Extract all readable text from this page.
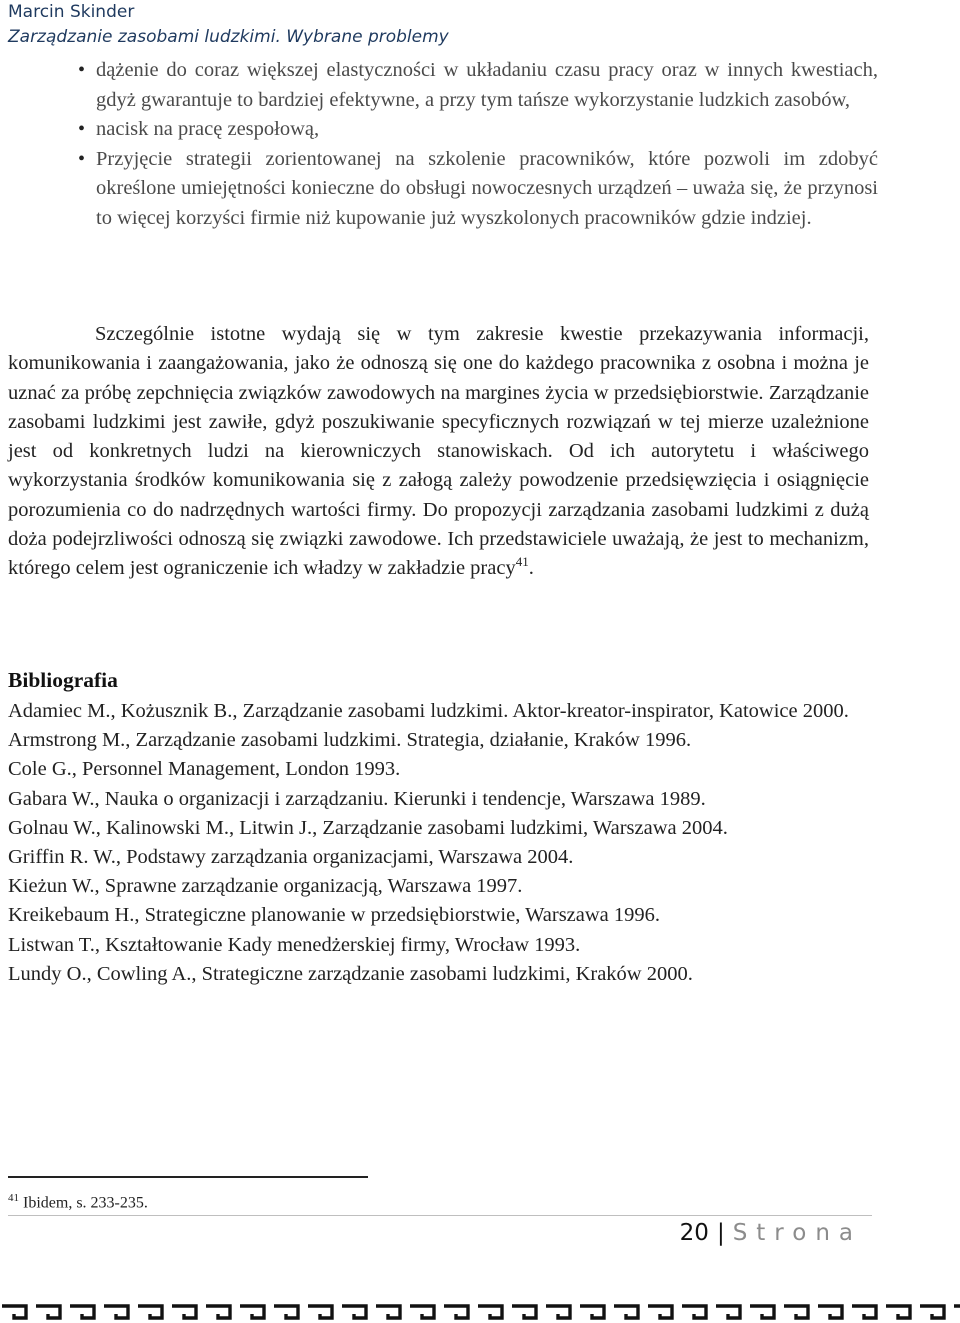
Marcin Skinder
Zarządzanie zasobami ludzkimi. Wybrane problemy
• dążenie do coraz większej elastyczności w układaniu czasu pracy oraz w innych kwestiach, gdyż gwarantuje to bardziej efektywne, a przy tym tańsze wykorzystanie ludzkich zasobów,
• nacisk na pracę zespołową,
• Przyjęcie strategii zorientowanej na szkolenie pracowników, które pozwoli im zdobyć określone umiejętności konieczne do obsługi nowoczesnych urządzeń – uważa się, że przynosi to więcej korzyści firmie niż kupowanie już wyszkolonych pracowników gdzie indziej.

Szczególnie istotne wydają się w tym zakresie kwestie przekazywania informacji, komunikowania i zaangażowania, jako że odnoszą się one do każdego pracownika z osobna i można je uznać za próbę zepchnięcia związków zawodowych na margines życia w przedsiębiorstwie. Zarządzanie zasobami ludzkimi jest zawiłe, gdyż poszukiwanie specyficznych rozwiązań w tej mierze uzależnione jest od konkretnych ludzi na kierowniczych stanowiskach. Od ich autorytetu i właściwego wykorzystania środków komunikowania się z załogą zależy powodzenie przedsięwzięcia i osiągnięcie porozumienia co do nadrzędnych wartości firmy. Do propozycji zarządzania zasobami ludzkimi z dużą doża podejrzliwości odnoszą się związki zawodowe. Ich przedstawiciele uważają, że jest to mechanizm, którego celem jest ograniczenie ich władzy w zakładzie pracy$^{41}$.

Bibliografia
Adamiec M., Kożusznik B., Zarządzanie zasobami ludzkimi. Aktor-kreator-inspirator, Katowice 2000.
Armstrong M., Zarządzanie zasobami ludzkimi. Strategia, działanie, Kraków 1996.
Cole G., Personnel Management, London 1993.
Gabara W., Nauka o organizacji i zarządzaniu. Kierunki i tendencje, Warszawa 1989.
Golnau W., Kalinowski M., Litwin J., Zarządzanie zasobami ludzkimi, Warszawa 2004.
Griffin R. W., Podstawy zarządzania organizacjami, Warszawa 2004.
Kieżun W., Sprawne zarządzanie organizacją, Warszawa 1997.
Kreikebaum H., Strategiczne planowanie w przedsiębiorstwie, Warszawa 1996.
Listwan T., Kształtowanie Kady menedżerskiej firmy, Wrocław 1993.
Lundy O., Cowling A., Strategiczne zarządzanie zasobami ludzkimi, Kraków 2000.
$^{41}$ Ibidem, s. 233-235.
20 | Strona
